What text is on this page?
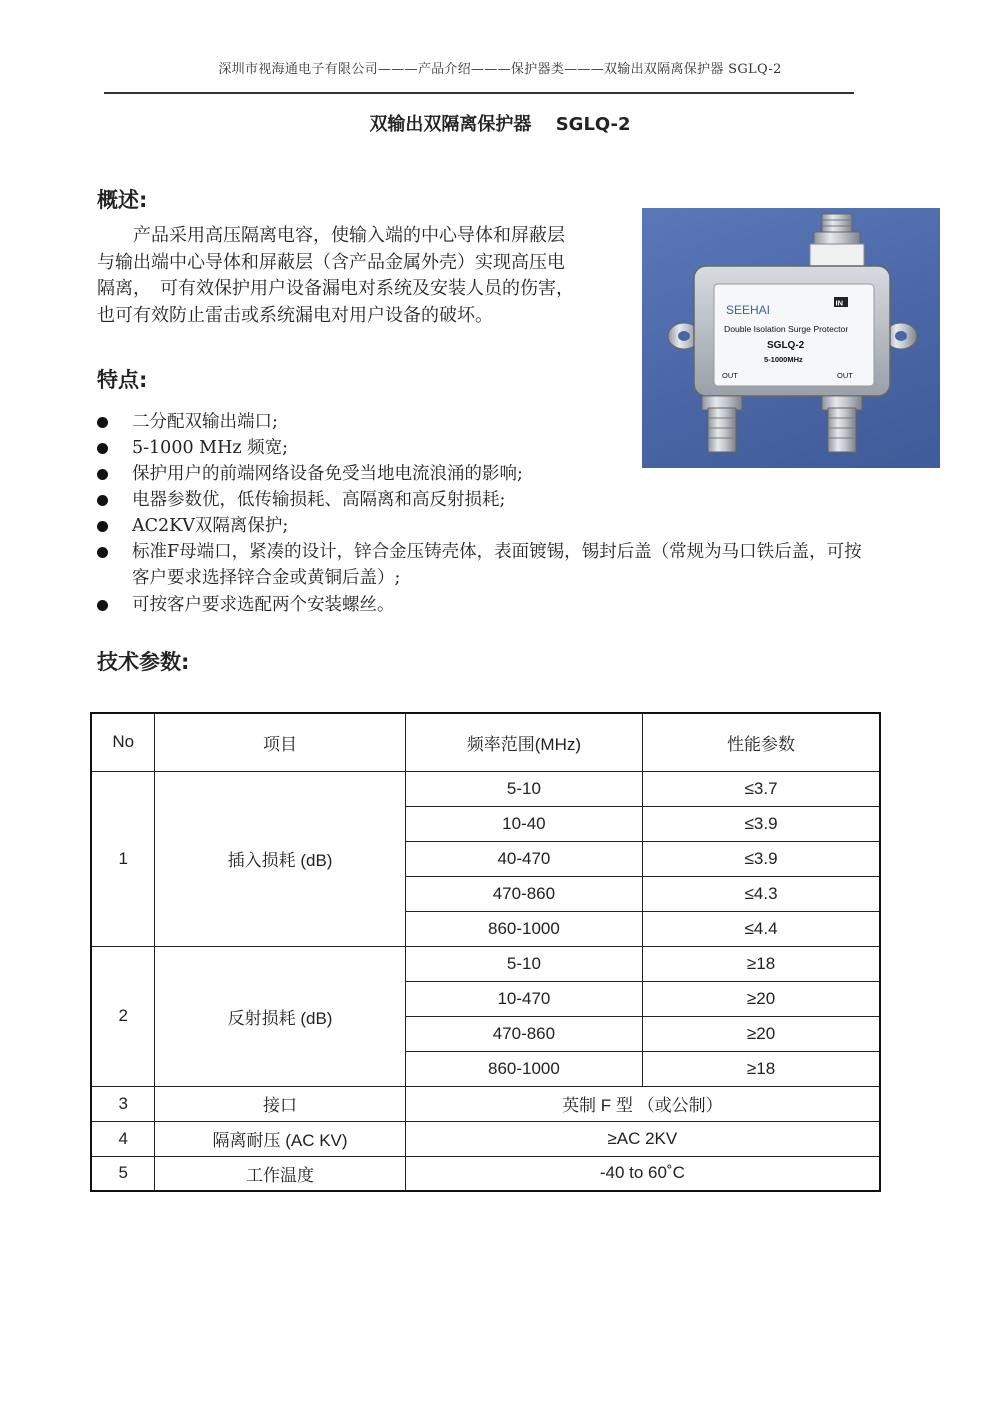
深圳市视海通电子有限公司———产品介绍———保护器类———双输出双隔离保护器 SGLQ-2
双输出双隔离保护器　 SGLQ-2
概述:
　　产品采用高压隔离电容，使输入端的中心导体和屏蔽层
与输出端中心导体和屏蔽层（含产品金属外壳）实现高压电
隔离，　可有效保护用户设备漏电对系统及安装人员的伤害，
也可有效防止雷击或系统漏电对用户设备的破坏。	SEEHAI	IN
Double Isolation Surge Protector
SGLQ-2
5-1000MHz
OUT	OUT
特点:
二分配双输出端口;
5-1000 MHz 频宽;
保护用户的前端网络设备免受当地电流浪涌的影响;
电器参数优，低传输损耗、高隔离和高反射损耗;
AC2KV双隔离保护;
标准F母端口，紧凑的设计，锌合金压铸壳体，表面镀锡，锡封后盖（常规为马口铁后盖，可按客户要求选择锌合金或黄铜后盖）;
可按客户要求选配两个安装螺丝。
技术参数:
No	项目	频率范围(MHz)	性能参数
1	插入损耗 (dB)	5-10	≤3.7
		10-40	≤3.9
		40-470	≤3.9
		470-860	≤4.3
		860-1000	≤4.4
2	反射损耗 (dB)	5-10	≥18
		10-470	≥20
		470-860	≥20
		860-1000	≥18
3	接口	英制 F 型 （或公制）	
4	隔离耐压 (AC KV)	≥AC 2KV	
5	工作温度	-40 to 60˚C	
